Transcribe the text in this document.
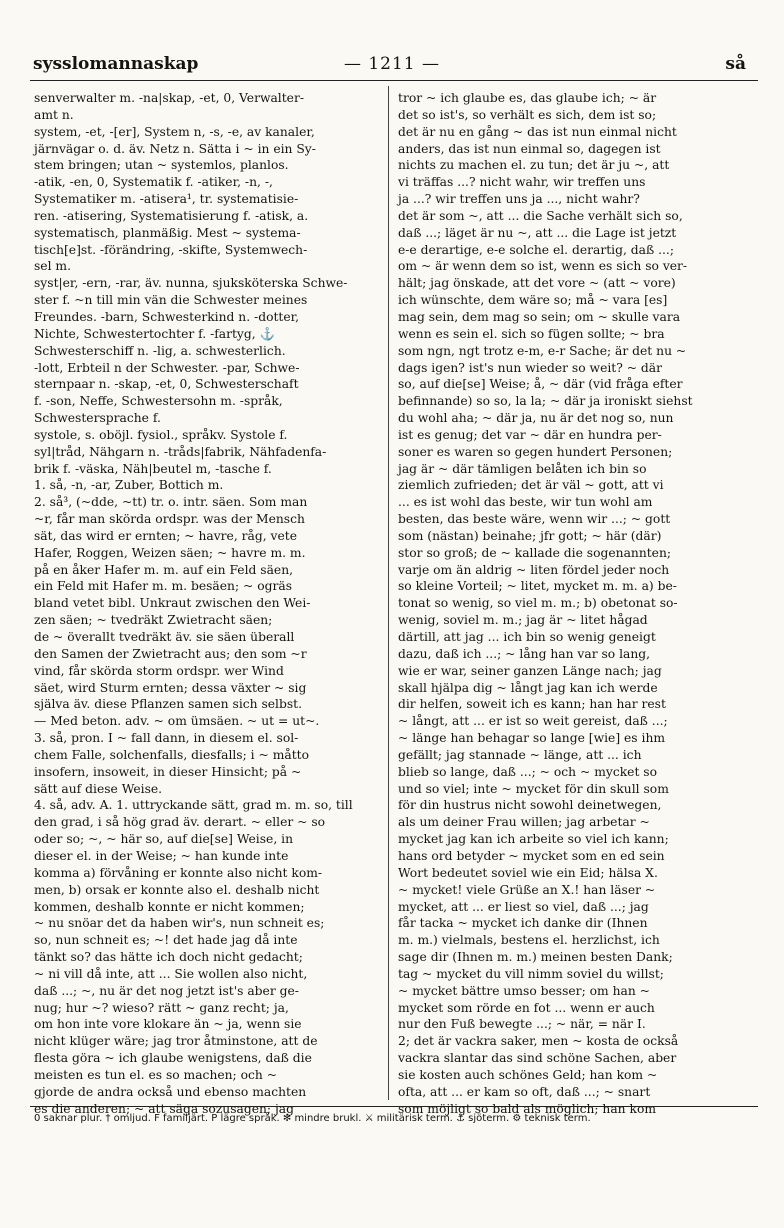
sysslomannaskap	— 1211 —	så
senverwalter m. -na|skap, -et, 0, Verwalter-
amt n.
system, -et, -[er], System n, -s, -e, av kanaler,
järnvägar o. d. äv. Netz n. Sätta i ~ in ein Sy-
stem bringen; utan ~ systemlos, planlos.
-atik, -en, 0, Systematik f. -atiker, -n, -,
Systematiker m. -atisera¹, tr. systematisie-
ren. -atisering, Systematisierung f. -atisk, a.
systematisch, planmäßig. Mest ~ systema-
tisch[e]st. -förändring, -skifte, Systemwech-
sel m.
syst|er, -ern, -rar, äv. nunna, sjuksköterska Schwe-
ster f. ~n till min vän die Schwester meines
Freundes. -barn, Schwesterkind n. -dotter,
Nichte, Schwestertochter f. -fartyg, ⚓
Schwesterschiff n. -lig, a. schwesterlich.
-lott, Erbteil n der Schwester. -par, Schwe-
sternpaar n. -skap, -et, 0, Schwesterschaft
f. -son, Neffe, Schwestersohn m. -språk,
Schwestersprache f.
systole, s. oböjl. fysiol., språkv. Systole f.
syl|tråd, Nähgarn n. -tråds|fabrik, Nähfadenfa-
brik f. -väska, Näh|beutel m, -tasche f.
1. så, -n, -ar, Zuber, Bottich m.
2. så³, (~dde, ~tt) tr. o. intr. säen. Som man
~r, får man skörda ordspr. was der Mensch
sät, das wird er ernten; ~ havre, råg, vete
Hafer, Roggen, Weizen säen; ~ havre m. m.
på en åker Hafer m. m. auf ein Feld säen,
ein Feld mit Hafer m. m. besäen; ~ ogräs
bland vetet bibl. Unkraut zwischen den Wei-
zen säen; ~ tvedräkt Zwietracht säen;
de ~ överallt tvedräkt äv. sie säen überall
den Samen der Zwietracht aus; den som ~r
vind, får skörda storm ordspr. wer Wind
säet, wird Sturm ernten; dessa växter ~ sig
själva äv. diese Pflanzen samen sich selbst.
— Med beton. adv. ~ om ümsäen. ~ ut = ut~.
3. så, pron. I ~ fall dann, in diesem el. sol-
chem Falle, solchenfalls, diesfalls; i ~ måtto
insofern, insoweit, in dieser Hinsicht; på ~
sätt auf diese Weise.
4. så, adv. A. 1. uttryckande sätt, grad m. m. so, till
den grad, i så hög grad äv. derart. ~ eller ~ so
oder so; ~, ~ här so, auf die[se] Weise, in
dieser el. in der Weise; ~ han kunde inte
komma a) förvåning er konnte also nicht kom-
men, b) orsak er konnte also el. deshalb nicht
kommen, deshalb konnte er nicht kommen;
~ nu snöar det da haben wir's, nun schneit es;
so, nun schneit es; ~! det hade jag då inte
tänkt so? das hätte ich doch nicht gedacht;
~ ni vill då inte, att ... Sie wollen also nicht,
daß ...; ~, nu är det nog jetzt ist's aber ge-
nug; hur ~? wieso? rätt ~ ganz recht; ja,
om hon inte vore klokare än ~ ja, wenn sie
nicht klüger wäre; jag tror åtminstone, att de
flesta göra ~ ich glaube wenigstens, daß die
meisten es tun el. es so machen; och ~
gjorde de andra också und ebenso machten
es die anderen; ~ att säga sozusagen; jag
tror ~ ich glaube es, das glaube ich; ~ är
det so ist's, so verhält es sich, dem ist so;
det är nu en gång ~ das ist nun einmal nicht
anders, das ist nun einmal so, dagegen ist
nichts zu machen el. zu tun; det är ju ~, att
vi träffas ...? nicht wahr, wir treffen uns
ja ...? wir treffen uns ja ..., nicht wahr?
det är som ~, att ... die Sache verhält sich so,
daß ...; läget är nu ~, att ... die Lage ist jetzt
e-e derartige, e-e solche el. derartig, daß ...;
om ~ är wenn dem so ist, wenn es sich so ver-
hält; jag önskade, att det vore ~ (att ~ vore)
ich wünschte, dem wäre so; må ~ vara [es]
mag sein, dem mag so sein; om ~ skulle vara
wenn es sein el. sich so fügen sollte; ~ bra
som ngn, ngt trotz e-m, e-r Sache; är det nu ~
dags igen? ist's nun wieder so weit? ~ där
so, auf die[se] Weise; å, ~ där (vid fråga efter
befinnande) so so, la la; ~ där ja ironiskt siehst
du wohl aha; ~ där ja, nu är det nog so, nun
ist es genug; det var ~ där en hundra per-
soner es waren so gegen hundert Personen;
jag är ~ där tämligen belåten ich bin so
ziemlich zufrieden; det är väl ~ gott, att vi
... es ist wohl das beste, wir tun wohl am
besten, das beste wäre, wenn wir ...; ~ gott
som (nästan) beinahe; jfr gott; ~ här (där)
stor so groß; de ~ kallade die sogenannten;
varje om än aldrig ~ liten fördel jeder noch
so kleine Vorteil; ~ litet, mycket m. m. a) be-
tonat so wenig, so viel m. m.; b) obetonat so-
wenig, soviel m. m.; jag är ~ litet hågad
därtill, att jag ... ich bin so wenig geneigt
dazu, daß ich ...; ~ lång han var so lang,
wie er war, seiner ganzen Länge nach; jag
skall hjälpa dig ~ långt jag kan ich werde
dir helfen, soweit ich es kann; han har rest
~ långt, att ... er ist so weit gereist, daß ...;
~ länge han behagar so lange [wie] es ihm
gefällt; jag stannade ~ länge, att ... ich
blieb so lange, daß ...; ~ och ~ mycket so
und so viel; inte ~ mycket för din skull som
för din hustrus nicht sowohl deinetwegen,
als um deiner Frau willen; jag arbetar ~
mycket jag kan ich arbeite so viel ich kann;
hans ord betyder ~ mycket som en ed sein
Wort bedeutet soviel wie ein Eid; hälsa X.
~ mycket! viele Grüße an X.! han läser ~
mycket, att ... er liest so viel, daß ...; jag
får tacka ~ mycket ich danke dir (Ihnen
m. m.) vielmals, bestens el. herzlichst, ich
sage dir (Ihnen m. m.) meinen besten Dank;
tag ~ mycket du vill nimm soviel du willst;
~ mycket bättre umso besser; om han ~
mycket som rörde en fot ... wenn er auch
nur den Fuß bewegte ...; ~ när, = när I.
2; det är vackra saker, men ~ kosta de också
vackra slantar das sind schöne Sachen, aber
sie kosten auch schönes Geld; han kom ~
ofta, att ... er kam so oft, daß ...; ~ snart
som möjligt so bald als möglich; han kom
0 saknar plur. † omljud. F familjärt. P lägre språk. ✻ mindre brukl. ⚔ militärisk term. ⚓ sjöterm. ⚙ teknisk term.
